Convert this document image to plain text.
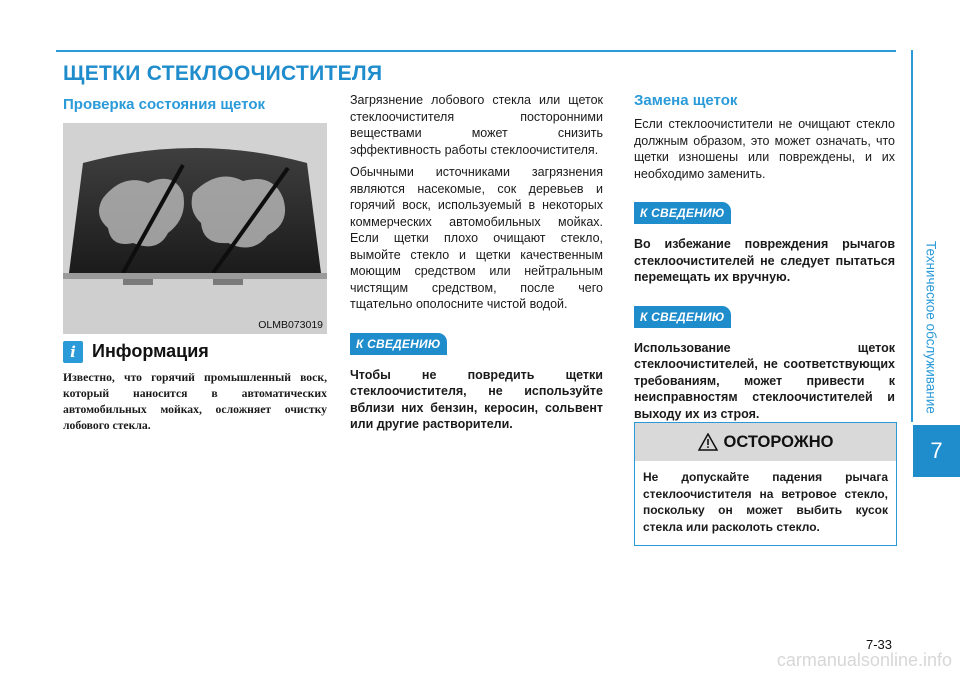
Техническое обслуживание
7
ЩЕТКИ СТЕКЛООЧИСТИТЕЛЯ
Проверка состояния щеток
OLMB073019
i Информация

Известно, что горячий промышленный воск, который наносится в автоматических автомобильных мойках, осложняет очистку лобового стекла.

Загрязнение лобового стекла или щеток стеклоочистителя посторонними веществами может снизить эффективность работы стеклоочистителя.

Обычными источниками загрязнения являются насекомые, сок деревьев и горячий воск, используемый в некоторых коммерческих автомобильных мойках. Если щетки плохо очищают стекло, вымойте стекло и щетки качественным моющим средством или нейтральным чистящим средством, после чего тщательно ополосните чистой водой.

К СВЕДЕНИЮ

Чтобы не повредить щетки стеклоочистителя, не используйте вблизи них бензин, керосин, сольвент или другие растворители.

Замена щеток

Если стеклоочистители не очищают стекло должным образом, это может означать, что щетки изношены или повреждены, и их необходимо заменить.

К СВЕДЕНИЮ

Во избежание повреждения рычагов стеклоочистителей не следует пытаться перемещать их вручную.

К СВЕДЕНИЮ

Использование щеток стеклоочистителей, не соответствующих требованиям, может привести к неисправностям стеклоочистителей и выходу их из строя.

ОСТОРОЖНО

Не допускайте падения рычага стеклоочистителя на ветровое стекло, поскольку он может выбить кусок стекла или расколоть стекло.

7-33
carmanualsonline.info
